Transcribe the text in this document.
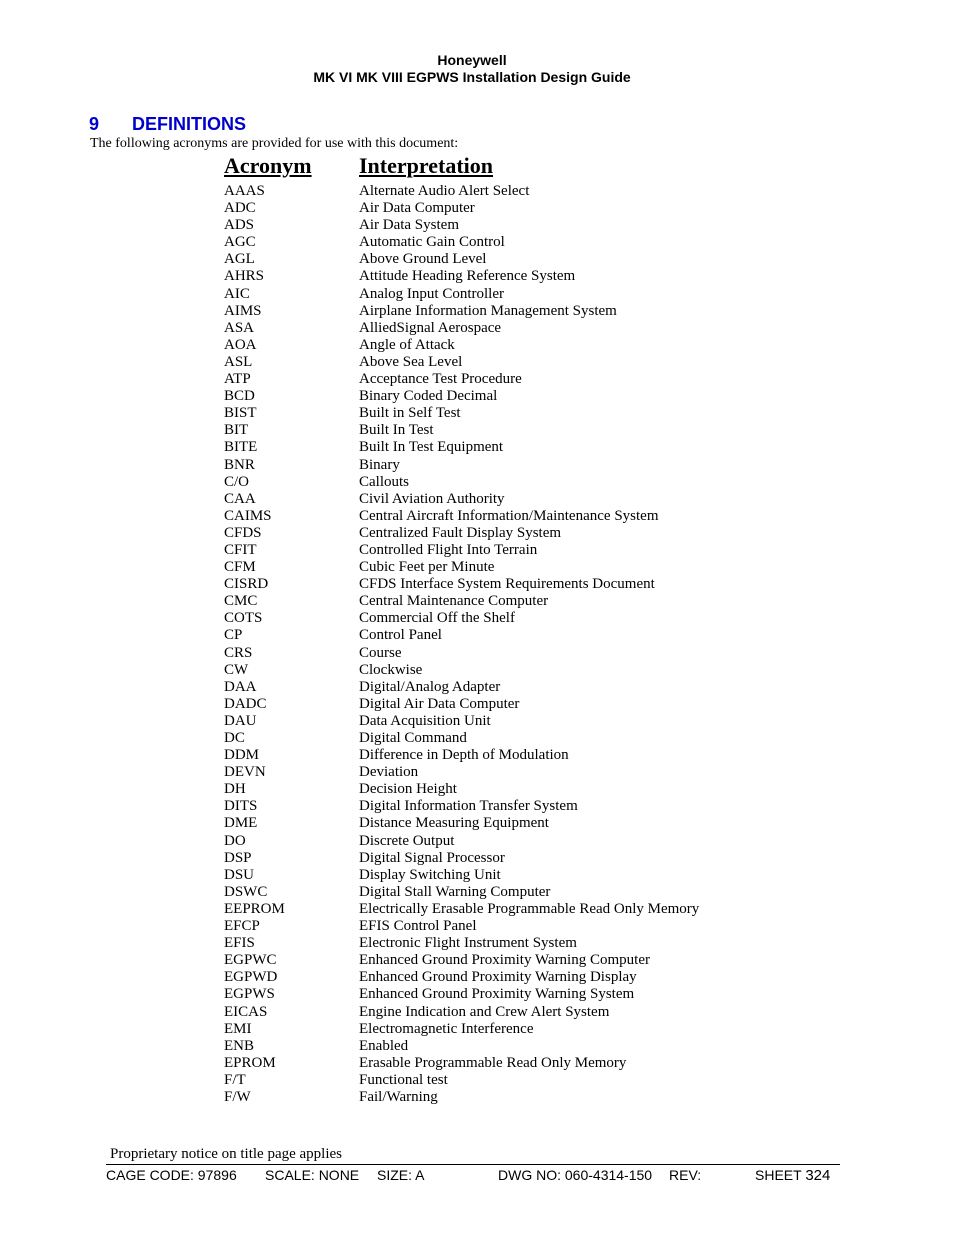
Honeywell
MK VI MK VIII EGPWS Installation Design Guide
9 DEFINITIONS
The following acronyms are provided for use with this document:
Acronym Interpretation
AAAS	Alternate Audio Alert Select
ADC	Air Data Computer
ADS	Air Data System
AGC	Automatic Gain Control
AGL	Above Ground Level
AHRS	Attitude Heading Reference System
AIC	Analog Input Controller
AIMS	Airplane Information Management System
ASA	AlliedSignal Aerospace
AOA	Angle of Attack
ASL	Above Sea Level
ATP	Acceptance Test Procedure
BCD	Binary Coded Decimal
BIST	Built in Self Test
BIT	Built In Test
BITE	Built In Test Equipment
BNR	Binary
C/O	Callouts
CAA	Civil Aviation Authority
CAIMS	Central Aircraft Information/Maintenance System
CFDS	Centralized Fault Display System
CFIT	Controlled Flight Into Terrain
CFM	Cubic Feet per Minute
CISRD	CFDS Interface System Requirements Document
CMC	Central Maintenance Computer
COTS	Commercial Off the Shelf
CP	Control Panel
CRS	Course
CW	Clockwise
DAA	Digital/Analog Adapter
DADC	Digital Air Data Computer
DAU	Data Acquisition Unit
DC	Digital Command
DDM	Difference in Depth of Modulation
DEVN	Deviation
DH	Decision Height
DITS	Digital Information Transfer System
DME	Distance Measuring Equipment
DO	Discrete Output
DSP	Digital Signal Processor
DSU	Display Switching Unit
DSWC	Digital Stall Warning Computer
EEPROM	Electrically Erasable Programmable Read Only Memory
EFCP	EFIS Control Panel
EFIS	Electronic Flight Instrument System
EGPWC	Enhanced Ground Proximity Warning Computer
EGPWD	Enhanced Ground Proximity Warning Display
EGPWS	Enhanced Ground Proximity Warning System
EICAS	Engine Indication and Crew Alert System
EMI	Electromagnetic Interference
ENB	Enabled
EPROM	Erasable Programmable Read Only Memory
F/T	Functional test
F/W	Fail/Warning
Proprietary notice on title page applies
CAGE CODE: 97896 SCALE: NONE SIZE: A	DWG NO: 060-4314-150 REV:	SHEET 324
